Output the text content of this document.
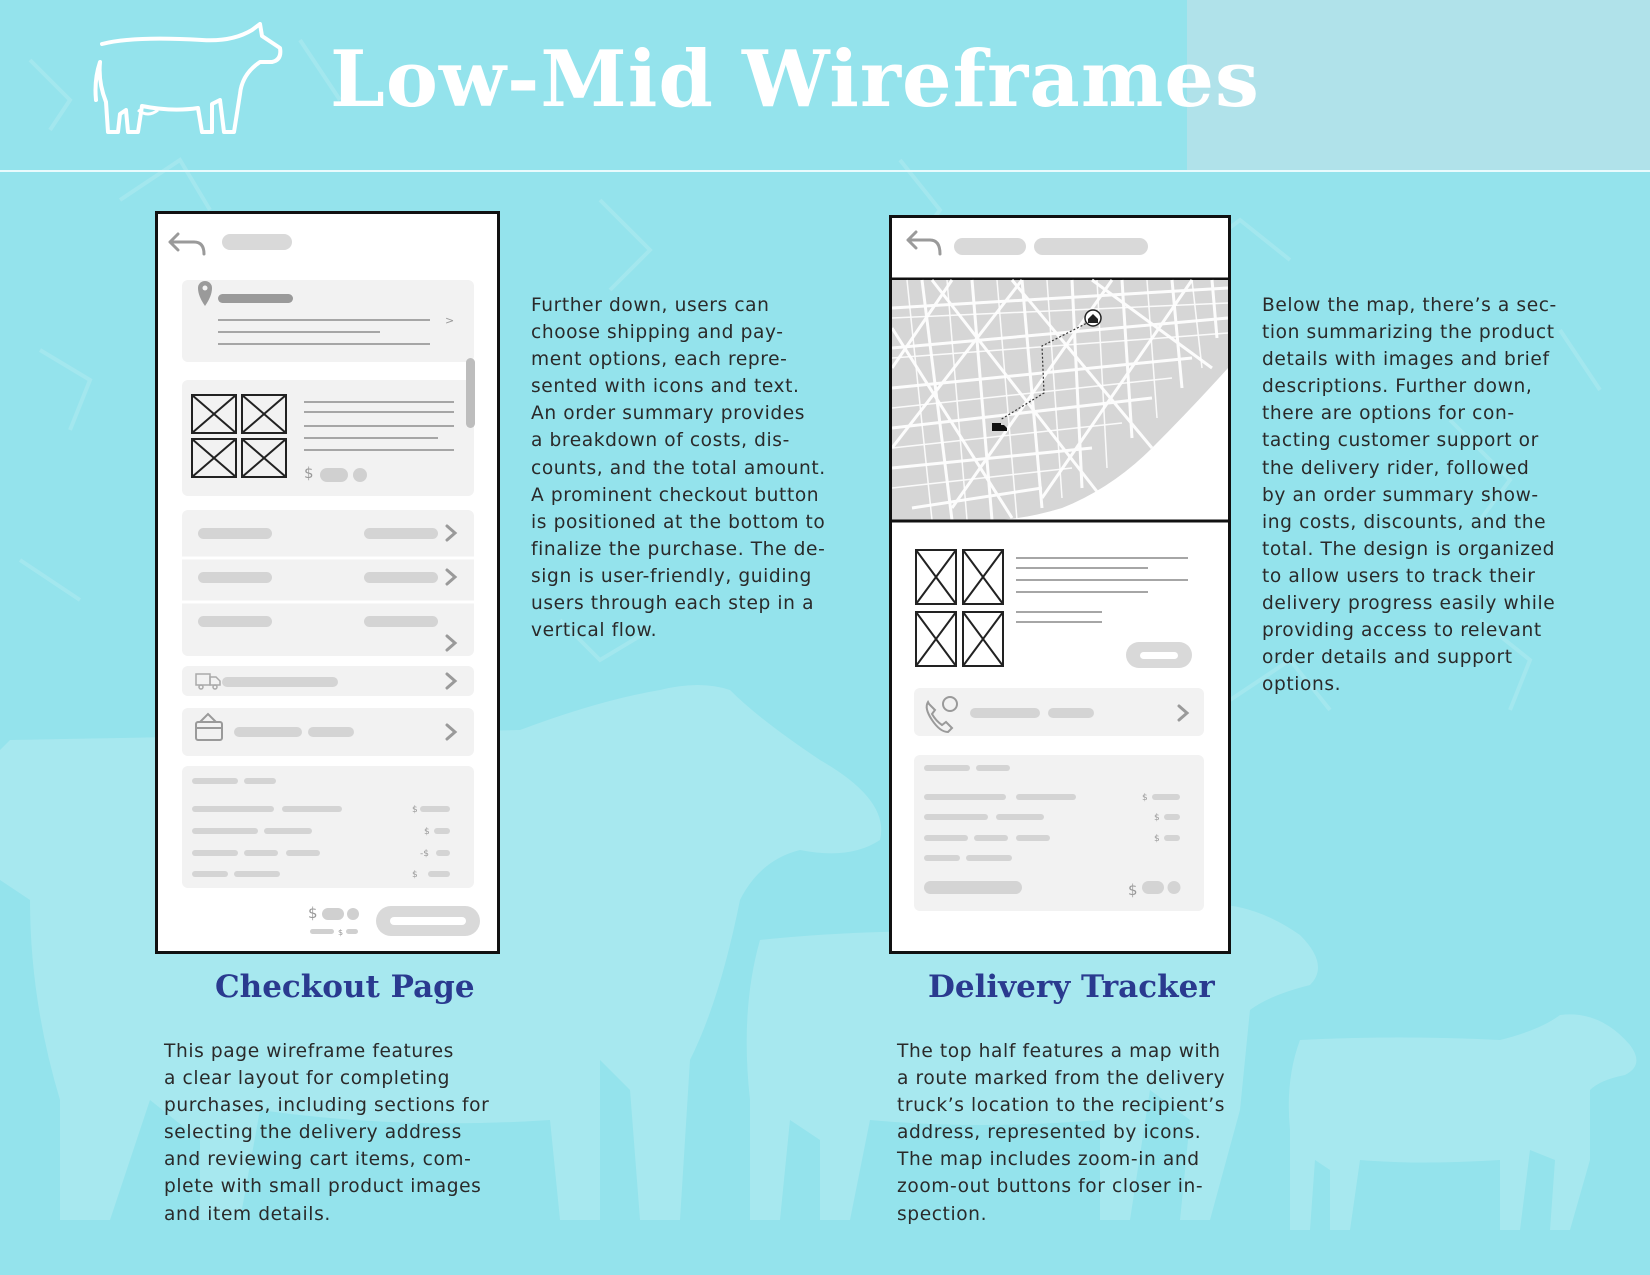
Low-Mid Wireframes
>
$
$
$
-$
$
$
$
$
$
$
$
Checkout Page	Delivery Tracker
Further down, users can
choose shipping and pay-
ment options, each repre-
sented with icons and text.
An order summary provides
a breakdown of costs, dis-
counts, and the total amount.
A prominent checkout button
is positioned at the bottom to
finalize the purchase. The de-
sign is user-friendly, guiding
users through each step in a
vertical flow.
Below the map, there’s a sec-
tion summarizing the product
details with images and brief
descriptions. Further down,
there are options for con-
tacting customer support or
the delivery rider, followed
by an order summary show-
ing costs, discounts, and the
total. The design is organized
to allow users to track their
delivery progress easily while
providing access to relevant
order details and support
options.
This page wireframe features
a clear layout for completing
purchases, including sections for
selecting the delivery address
and reviewing cart items, com-
plete with small product images
and item details.
The top half features a map with
a route marked from the delivery
truck’s location to the recipient’s
address, represented by icons.
The map includes zoom-in and
zoom-out buttons for closer in-
spection.
